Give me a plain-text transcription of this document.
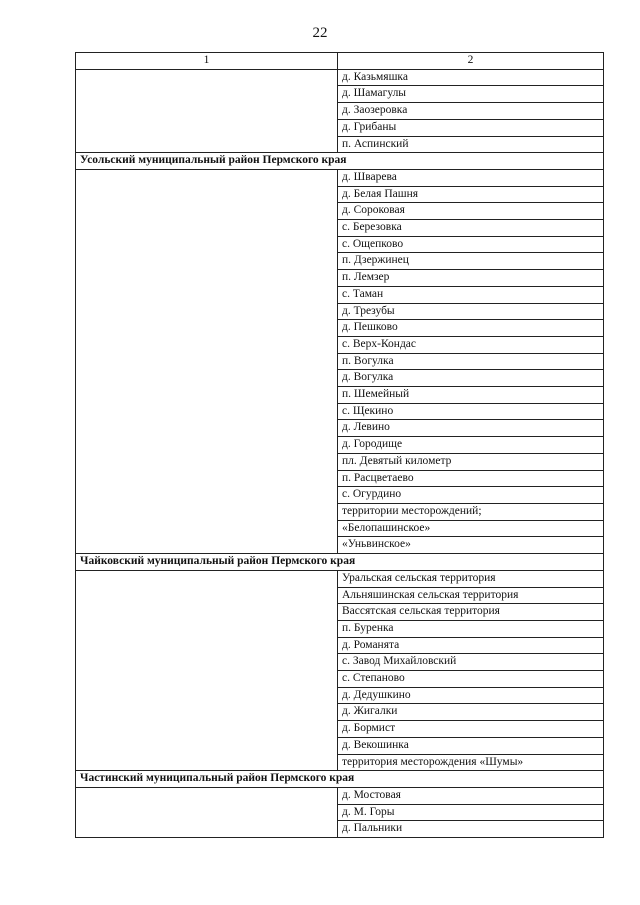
22
1	2
	д. Казьмяшка
	д. Шамагулы
	д. Заозеровка
	д. Грибаны
	п. Аспинский
Усольский муниципальный район Пермского края	
	д. Шварева
	д. Белая Пашня
	д. Сороковая
	с. Березовка
	с. Ощепково
	п. Дзержинец
	п. Лемзер
	с. Таман
	д. Трезубы
	д. Пешково
	с. Верх-Кондас
	п. Вогулка
	д. Вогулка
	п. Шемейный
	с. Щекино
	д. Левино
	д. Городище
	пл. Девятый километр
	п. Расцветаево
	с. Огурдино
	территории месторождений;
	«Белопашинское»
	«Уньвинское»
Чайковский муниципальный район Пермского края	
	Уральская сельская территория
	Альняшинская сельская территория
	Вассятская сельская территория
	п. Буренка
	д. Романята
	с. Завод Михайловский
	с. Степаново
	д. Дедушкино
	д. Жигалки
	д. Бормист
	д. Векошинка
	территория месторождения «Шумы»
Частинский муниципальный район Пермского края	
	д. Мостовая
	д. М. Горы
	д. Пальники
